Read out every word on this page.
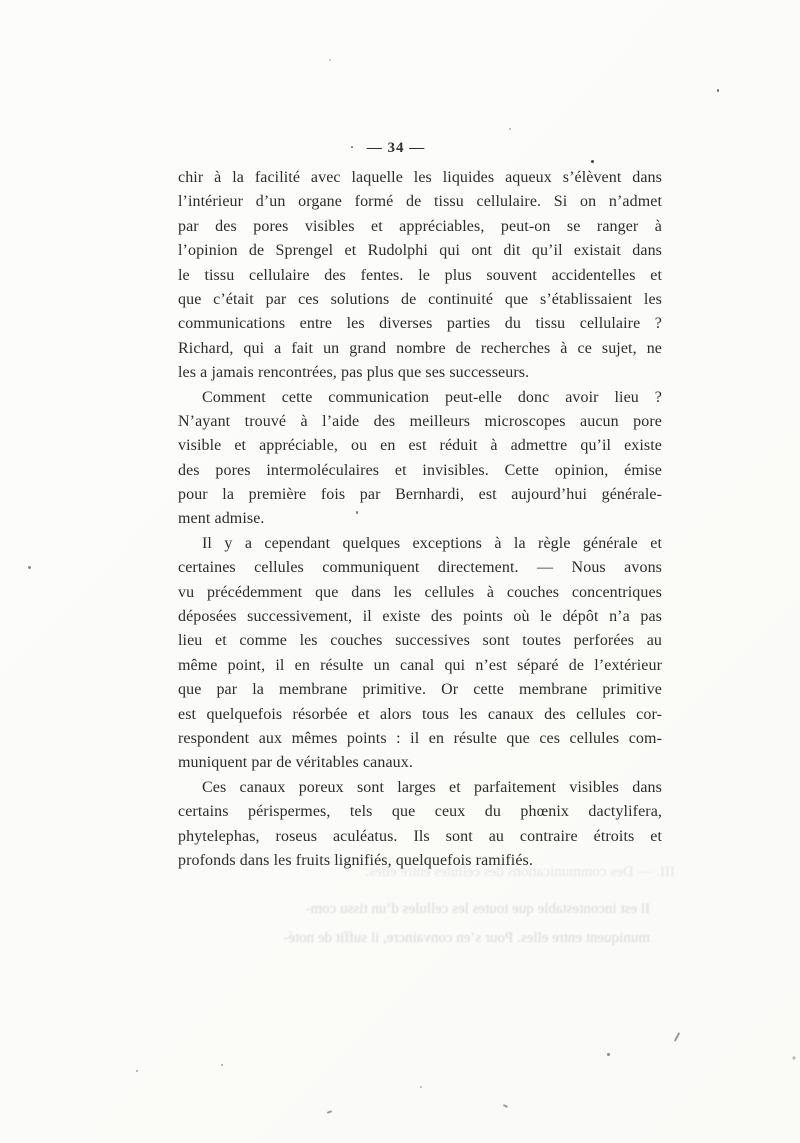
— 34 —
chir à la facilité avec laquelle les liquides aqueux s’élèvent dans
l’intérieur d’un organe formé de tissu cellulaire. Si on n’admet
par des pores visibles et appréciables, peut-on se ranger à
l’opinion de Sprengel et Rudolphi qui ont dit qu’il existait dans
le tissu cellulaire des fentes. le plus souvent accidentelles et
que c’était par ces solutions de continuité que s’établissaient les
communications entre les diverses parties du tissu cellulaire ?
Richard, qui a fait un grand nombre de recherches à ce sujet, ne
les a jamais rencontrées, pas plus que ses successeurs.
Comment cette communication peut-elle donc avoir lieu ?
N’ayant trouvé à l’aide des meilleurs microscopes aucun pore
visible et appréciable, ou en est réduit à admettre qu’il existe
des pores intermoléculaires et invisibles. Cette opinion, émise
pour la première fois par Bernhardi, est aujourd’hui générale-
ment admise.
Il y a cependant quelques exceptions à la règle générale et
certaines cellules communiquent directement. — Nous avons
vu précédemment que dans les cellules à couches concentriques
déposées successivement, il existe des points où le dépôt n’a pas
lieu et comme les couches successives sont toutes perforées au
même point, il en résulte un canal qui n’est séparé de l’extérieur
que par la membrane primitive. Or cette membrane primitive
est quelquefois résorbée et alors tous les canaux des cellules cor-
respondent aux mêmes points : il en résulte que ces cellules com-
muniquent par de véritables canaux.
Ces canaux poreux sont larges et parfaitement visibles dans
certains périspermes, tels que ceux du phœnix dactylifera,
phytelephas, roseus aculéatus. Ils sont au contraire étroits et
profonds dans les fruits lignifiés, quelquefois ramifiés.
III. — Des communications des cellules entre elles.
Il est incontestable que toutes les cellules d’un tissu com-
muniquent entre elles. Pour s’en convaincre, il suffit de noté-
